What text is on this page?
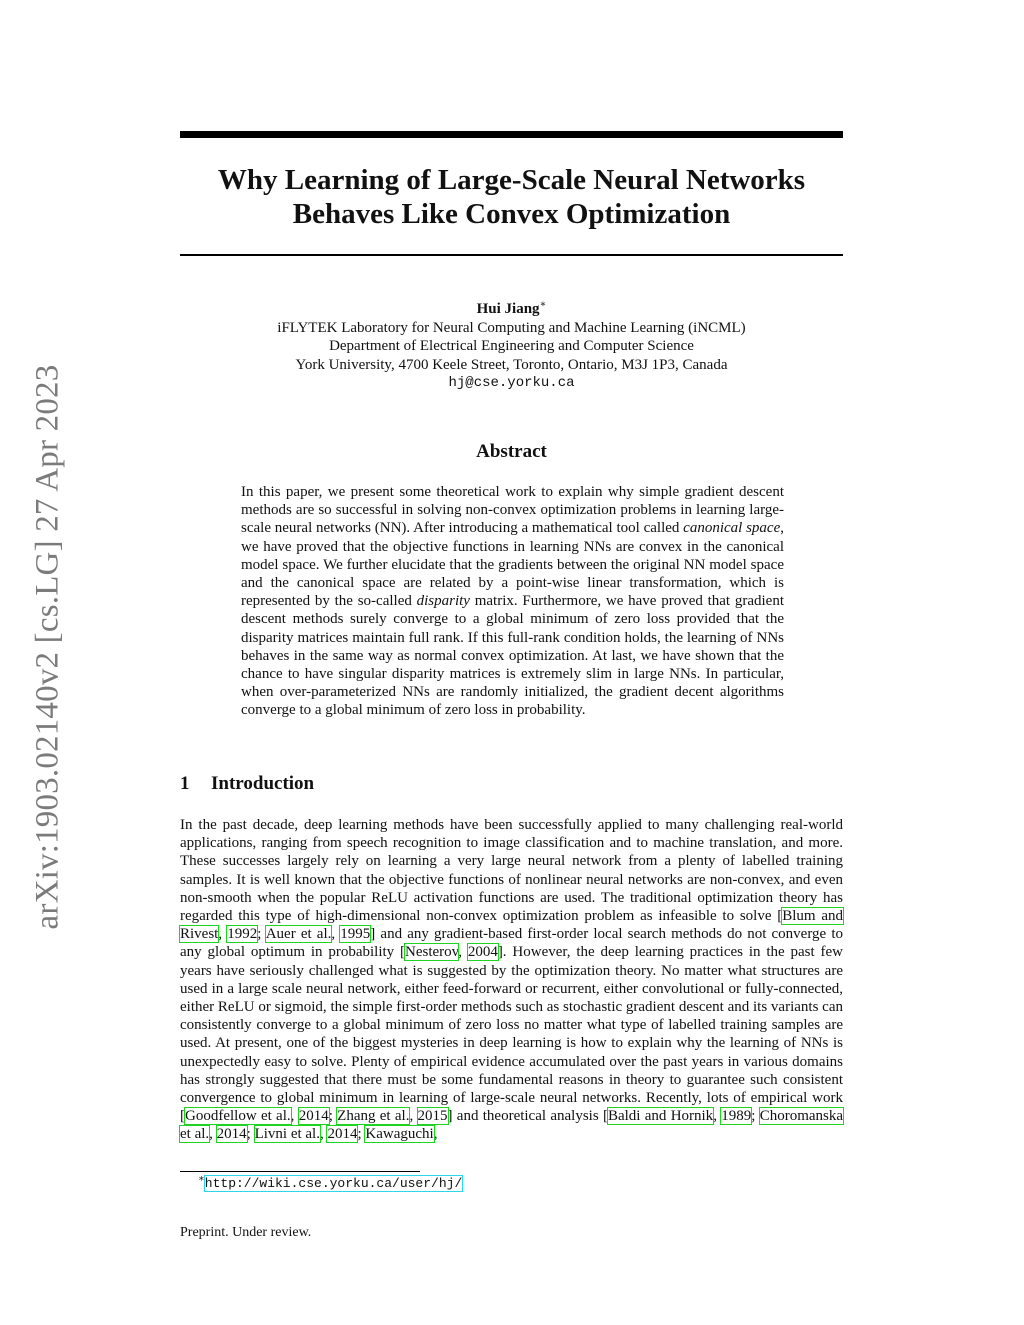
arXiv:1903.02140v2 [cs.LG] 27 Apr 2023
Why Learning of Large-Scale Neural Networks
Behaves Like Convex Optimization
Hui Jiang∗
iFLYTEK Laboratory for Neural Computing and Machine Learning (iNCML)
Department of Electrical Engineering and Computer Science
York University, 4700 Keele Street, Toronto, Ontario, M3J 1P3, Canada
hj@cse.yorku.ca
Abstract
In this paper, we present some theoretical work to explain why simple gradient descent methods are so successful in solving non-convex optimization problems in learning large-scale neural networks (NN). After introducing a mathematical tool called canonical space, we have proved that the objective functions in learning NNs are convex in the canonical model space. We further elucidate that the gradients between the original NN model space and the canonical space are related by a point-wise linear transformation, which is represented by the so-called disparity matrix. Furthermore, we have proved that gradient descent methods surely converge to a global minimum of zero loss provided that the disparity matrices maintain full rank. If this full-rank condition holds, the learning of NNs behaves in the same way as normal convex optimization. At last, we have shown that the chance to have singular disparity matrices is extremely slim in large NNs. In particular, when over-parameterized NNs are randomly initialized, the gradient decent algorithms converge to a global minimum of zero loss in probability.
1 Introduction
In the past decade, deep learning methods have been successfully applied to many challenging real-world applications, ranging from speech recognition to image classification and to machine translation, and more. These successes largely rely on learning a very large neural network from a plenty of labelled training samples. It is well known that the objective functions of nonlinear neural networks are non-convex, and even non-smooth when the popular ReLU activation functions are used. The traditional optimization theory has regarded this type of high-dimensional non-convex optimization problem as infeasible to solve [Blum and Rivest, 1992; Auer et al., 1995] and any gradient-based first-order local search methods do not converge to any global optimum in probability [Nesterov, 2004]. However, the deep learning practices in the past few years have seriously challenged what is suggested by the optimization theory. No matter what structures are used in a large scale neural network, either feed-forward or recurrent, either convolutional or fully-connected, either ReLU or sigmoid, the simple first-order methods such as stochastic gradient descent and its variants can consistently converge to a global minimum of zero loss no matter what type of labelled training samples are used. At present, one of the biggest mysteries in deep learning is how to explain why the learning of NNs is unexpectedly easy to solve. Plenty of empirical evidence accumulated over the past years in various domains has strongly suggested that there must be some fundamental reasons in theory to guarantee such consistent convergence to global minimum in learning of large-scale neural networks. Recently, lots of empirical work [Goodfellow et al., 2014; Zhang et al., 2015] and theoretical analysis [Baldi and Hornik, 1989; Choromanska et al., 2014; Livni et al., 2014; Kawaguchi,
∗http://wiki.cse.yorku.ca/user/hj/
Preprint. Under review.
